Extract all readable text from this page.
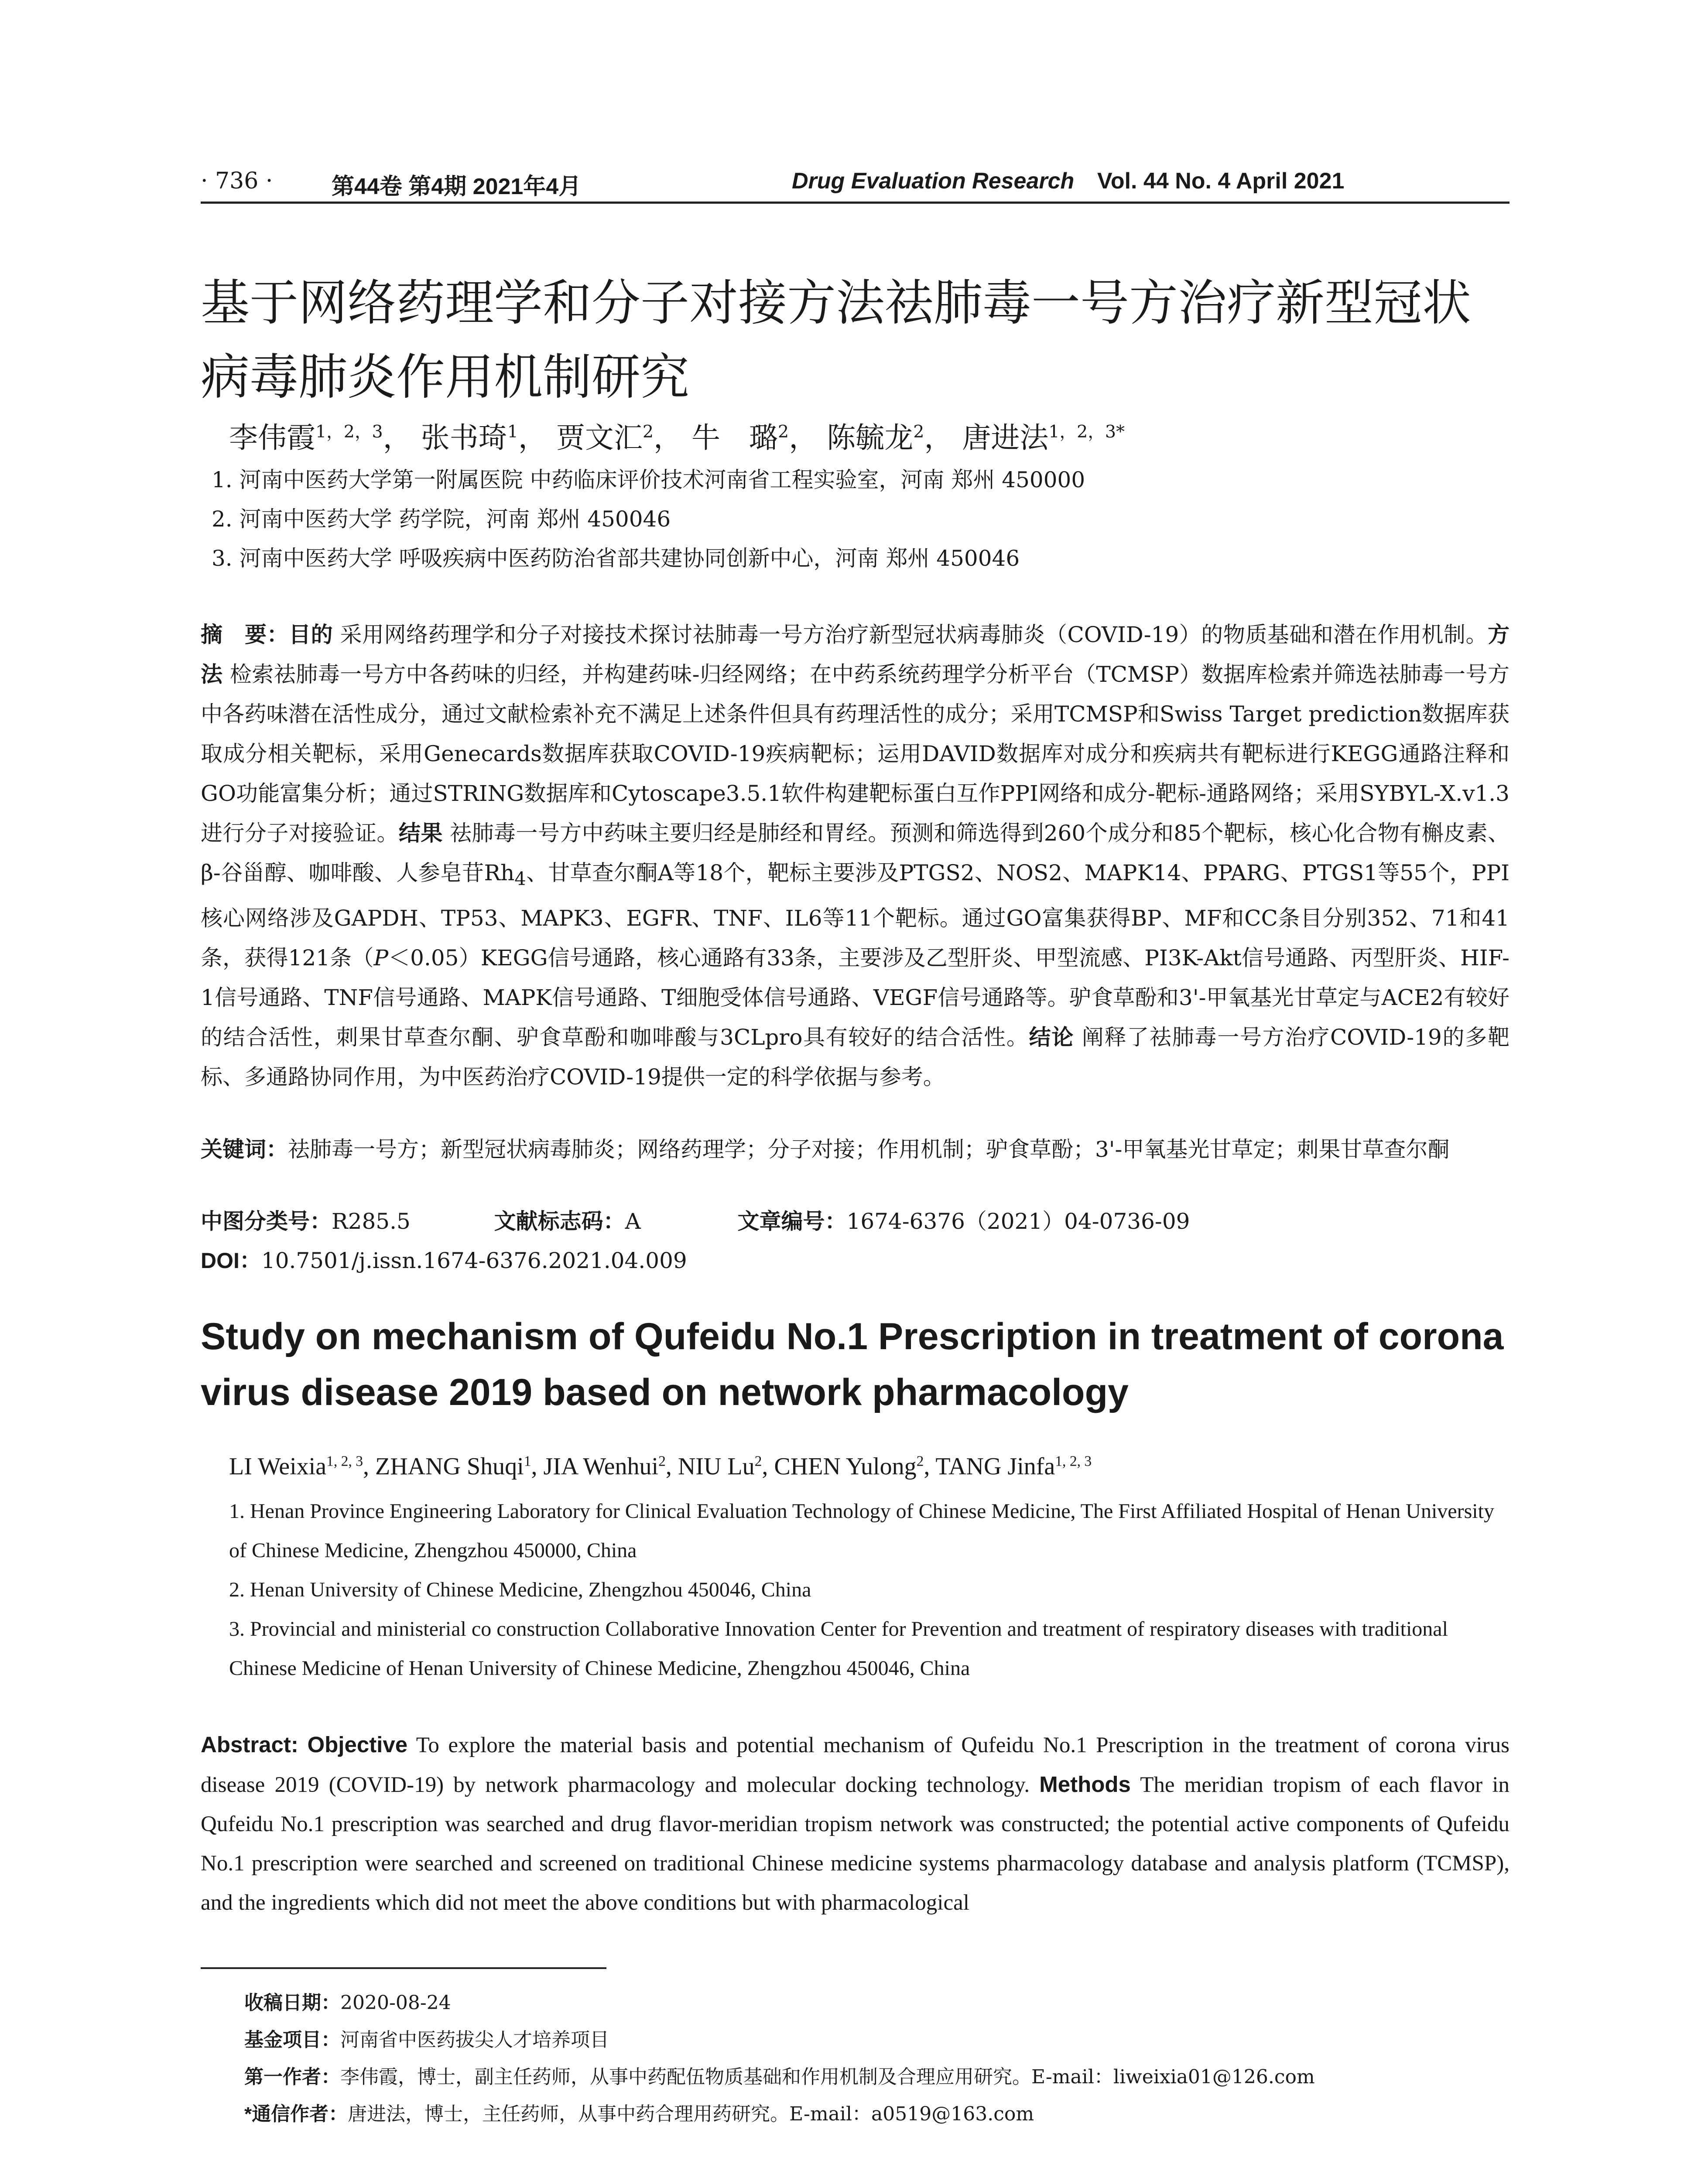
· 736 ·	第44卷 第4期 2021年4月	Drug Evaluation Research Vol. 44 No. 4 April 2021
基于网络药理学和分子对接方法祛肺毒一号方治疗新型冠状病毒肺炎作用机制研究
李伟霞$^{1,2,3}$， 张书琦$^1$， 贾文汇$^2$， 牛　璐$^2$， 陈毓龙$^2$， 唐进法$^{1,2,3*}$
1. 河南中医药大学第一附属医院 中药临床评价技术河南省工程实验室，河南 郑州 450000
2. 河南中医药大学 药学院，河南 郑州 450046
3. 河南中医药大学 呼吸疾病中医药防治省部共建协同创新中心，河南 郑州 450046
摘　要：目的 采用网络药理学和分子对接技术探讨祛肺毒一号方治疗新型冠状病毒肺炎（COVID-19）的物质基础和潜在作用机制。方法 检索祛肺毒一号方中各药味的归经，并构建药味-归经网络；在中药系统药理学分析平台（TCMSP）数据库检索并筛选祛肺毒一号方中各药味潜在活性成分，通过文献检索补充不满足上述条件但具有药理活性的成分；采用TCMSP和Swiss Target prediction数据库获取成分相关靶标，采用Genecards数据库获取COVID-19疾病靶标；运用DAVID数据库对成分和疾病共有靶标进行KEGG通路注释和GO功能富集分析；通过STRING数据库和Cytoscape3.5.1软件构建靶标蛋白互作PPI网络和成分-靶标-通路网络；采用SYBYL-X.v1.3进行分子对接验证。结果 祛肺毒一号方中药味主要归经是肺经和胃经。预测和筛选得到260个成分和85个靶标，核心化合物有槲皮素、β-谷甾醇、咖啡酸、人参皂苷$Rh_4$、甘草查尔酮A等18个，靶标主要涉及PTGS2、NOS2、MAPK14、PPARG、PTGS1等55个，PPI核心网络涉及GAPDH、TP53、MAPK3、EGFR、TNF、IL6等11个靶标。通过GO富集获得BP、MF和CC条目分别352、71和41条，获得121条（P＜0.05）KEGG信号通路，核心通路有33条，主要涉及乙型肝炎、甲型流感、PI3K-Akt信号通路、丙型肝炎、HIF-1信号通路、TNF信号通路、MAPK信号通路、T细胞受体信号通路、VEGF信号通路等。驴食草酚和3'-甲氧基光甘草定与ACE2有较好的结合活性，刺果甘草查尔酮、驴食草酚和咖啡酸与3CLpro具有较好的结合活性。结论 阐释了祛肺毒一号方治疗COVID-19的多靶标、多通路协同作用，为中医药治疗COVID-19提供一定的科学依据与参考。
关键词：祛肺毒一号方；新型冠状病毒肺炎；网络药理学；分子对接；作用机制；驴食草酚；3'-甲氧基光甘草定；刺果甘草查尔酮
中图分类号：R285.5	文献标志码：A	文章编号：1674-6376（2021）04-0736-09
DOI：10.7501/j.issn.1674-6376.2021.04.009
Study on mechanism of Qufeidu No.1 Prescription in treatment of corona virus disease 2019 based on network pharmacology
LI Weixia$^{1, 2, 3}$, ZHANG Shuqi$^1$, JIA Wenhui$^2$, NIU Lu$^2$, CHEN Yulong$^2$, TANG Jinfa$^{1, 2, 3}$
1. Henan Province Engineering Laboratory for Clinical Evaluation Technology of Chinese Medicine, The First Affiliated Hospital of Henan University of Chinese Medicine, Zhengzhou 450000, China
2. Henan University of Chinese Medicine, Zhengzhou 450046, China
3. Provincial and ministerial co construction Collaborative Innovation Center for Prevention and treatment of respiratory diseases with traditional Chinese Medicine of Henan University of Chinese Medicine, Zhengzhou 450046, China
Abstract: Objective To explore the material basis and potential mechanism of Qufeidu No.1 Prescription in the treatment of corona virus disease 2019 (COVID-19) by network pharmacology and molecular docking technology. Methods The meridian tropism of each flavor in Qufeidu No.1 prescription was searched and drug flavor-meridian tropism network was constructed; the potential active components of Qufeidu No.1 prescription were searched and screened on traditional Chinese medicine systems pharmacology database and analysis platform (TCMSP), and the ingredients which did not meet the above conditions but with pharmacological
收稿日期：2020-08-24
基金项目：河南省中医药拔尖人才培养项目
第一作者：李伟霞，博士，副主任药师，从事中药配伍物质基础和作用机制及合理应用研究。E-mail：liweixia01@126.com
*通信作者：唐进法，博士，主任药师，从事中药合理用药研究。E-mail：a0519@163.com
